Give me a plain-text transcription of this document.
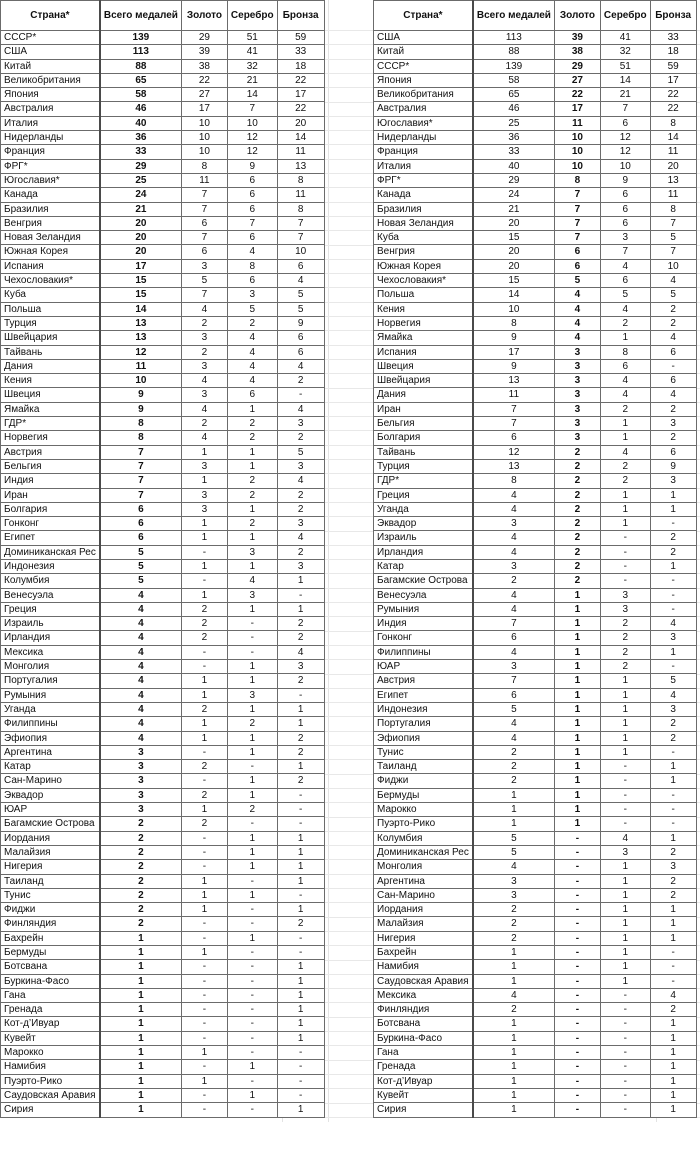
Страна*	Всего медалей	Золото	Серебро	Бронза
СССР*	139	29	51	59
США	113	39	41	33
Китай	88	38	32	18
Великобритания	65	22	21	22
Япония	58	27	14	17
Австралия	46	17	7	22
Италия	40	10	10	20
Нидерланды	36	10	12	14
Франция	33	10	12	11
ФРГ*	29	8	9	13
Югославия*	25	11	6	8
Канада	24	7	6	11
Бразилия	21	7	6	8
Венгрия	20	6	7	7
Новая Зеландия	20	7	6	7
Южная Корея	20	6	4	10
Испания	17	3	8	6
Чехословакия*	15	5	6	4
Куба	15	7	3	5
Польша	14	4	5	5
Турция	13	2	2	9
Швейцария	13	3	4	6
Тайвань	12	2	4	6
Дания	11	3	4	4
Кения	10	4	4	2
Швеция	9	3	6	-
Ямайка	9	4	1	4
ГДР*	8	2	2	3
Норвегия	8	4	2	2
Австрия	7	1	1	5
Бельгия	7	3	1	3
Индия	7	1	2	4
Иран	7	3	2	2
Болгария	6	3	1	2
Гонконг	6	1	2	3
Египет	6	1	1	4
Доминиканская Рес	5	-	3	2
Индонезия	5	1	1	3
Колумбия	5	-	4	1
Венесуэла	4	1	3	-
Греция	4	2	1	1
Израиль	4	2	-	2
Ирландия	4	2	-	2
Мексика	4	-	-	4
Монголия	4	-	1	3
Португалия	4	1	1	2
Румыния	4	1	3	-
Уганда	4	2	1	1
Филиппины	4	1	2	1
Эфиопия	4	1	1	2
Аргентина	3	-	1	2
Катар	3	2	-	1
Сан-Марино	3	-	1	2
Эквадор	3	2	1	-
ЮАР	3	1	2	-
Багамские Острова	2	2	-	-
Иордания	2	-	1	1
Малайзия	2	-	1	1
Нигерия	2	-	1	1
Таиланд	2	1	-	1
Тунис	2	1	1	-
Фиджи	2	1	-	1
Финляндия	2	-	-	2
Бахрейн	1	-	1	-
Бермуды	1	1	-	-
Ботсвана	1	-	-	1
Буркина-Фасо	1	-	-	1
Гана	1	-	-	1
Гренада	1	-	-	1
Кот-д’Ивуар	1	-	-	1
Кувейт	1	-	-	1
Марокко	1	1	-	-
Намибия	1	-	1	-
Пуэрто-Рико	1	1	-	-
Саудовская Аравия	1	-	1	-
Сирия	1	-	-	1
Страна*	Всего медалей	Золото	Серебро	Бронза
США	113	39	41	33
Китай	88	38	32	18
СССР*	139	29	51	59
Япония	58	27	14	17
Великобритания	65	22	21	22
Австралия	46	17	7	22
Югославия*	25	11	6	8
Нидерланды	36	10	12	14
Франция	33	10	12	11
Италия	40	10	10	20
ФРГ*	29	8	9	13
Канада	24	7	6	11
Бразилия	21	7	6	8
Новая Зеландия	20	7	6	7
Куба	15	7	3	5
Венгрия	20	6	7	7
Южная Корея	20	6	4	10
Чехословакия*	15	5	6	4
Польша	14	4	5	5
Кения	10	4	4	2
Норвегия	8	4	2	2
Ямайка	9	4	1	4
Испания	17	3	8	6
Швеция	9	3	6	-
Швейцария	13	3	4	6
Дания	11	3	4	4
Иран	7	3	2	2
Бельгия	7	3	1	3
Болгария	6	3	1	2
Тайвань	12	2	4	6
Турция	13	2	2	9
ГДР*	8	2	2	3
Греция	4	2	1	1
Уганда	4	2	1	1
Эквадор	3	2	1	-
Израиль	4	2	-	2
Ирландия	4	2	-	2
Катар	3	2	-	1
Багамские Острова	2	2	-	-
Венесуэла	4	1	3	-
Румыния	4	1	3	-
Индия	7	1	2	4
Гонконг	6	1	2	3
Филиппины	4	1	2	1
ЮАР	3	1	2	-
Австрия	7	1	1	5
Египет	6	1	1	4
Индонезия	5	1	1	3
Португалия	4	1	1	2
Эфиопия	4	1	1	2
Тунис	2	1	1	-
Таиланд	2	1	-	1
Фиджи	2	1	-	1
Бермуды	1	1	-	-
Марокко	1	1	-	-
Пуэрто-Рико	1	1	-	-
Колумбия	5	-	4	1
Доминиканская Рес	5	-	3	2
Монголия	4	-	1	3
Аргентина	3	-	1	2
Сан-Марино	3	-	1	2
Иордания	2	-	1	1
Малайзия	2	-	1	1
Нигерия	2	-	1	1
Бахрейн	1	-	1	-
Намибия	1	-	1	-
Саудовская Аравия	1	-	1	-
Мексика	4	-	-	4
Финляндия	2	-	-	2
Ботсвана	1	-	-	1
Буркина-Фасо	1	-	-	1
Гана	1	-	-	1
Гренада	1	-	-	1
Кот-д’Ивуар	1	-	-	1
Кувейт	1	-	-	1
Сирия	1	-	-	1
